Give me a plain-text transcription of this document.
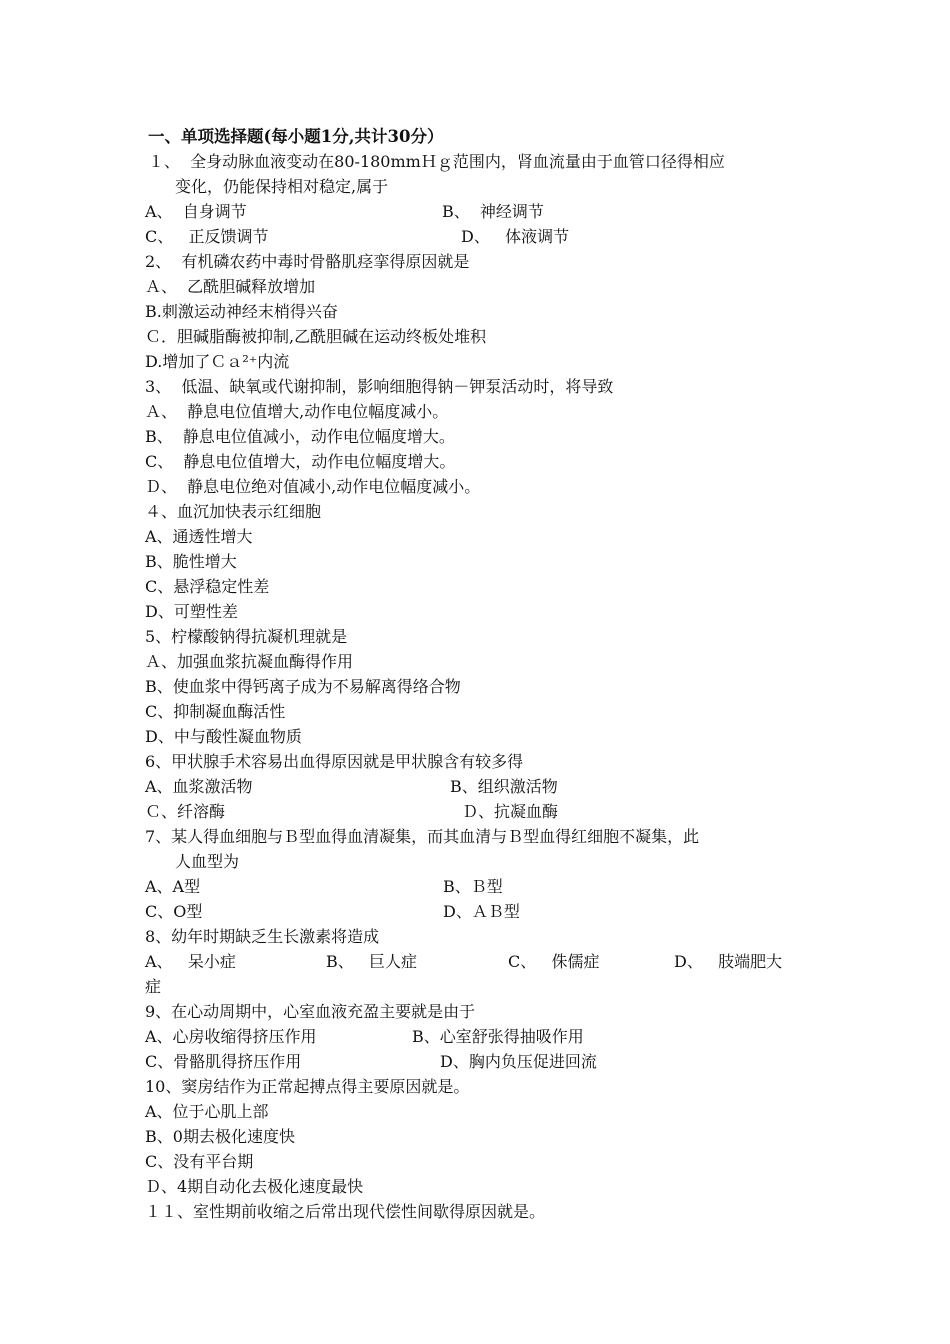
一、单项选择题(每小题1分,共计30分）
１、  全身动脉血液变动在80-180mmＨｇ范围内，肾血流量由于血管口径得相应
变化，仍能保持相对稳定,属于
A、  自身调节	B、  神经调节
C、   正反馈调节	D、   体液调节
2、  有机磷农药中毒时骨骼肌痉挛得原因就是
Ａ、  乙酰胆碱释放增加
B.刺激运动神经末梢得兴奋
Ｃ．胆碱脂酶被抑制,乙酰胆碱在运动终板处堆积
D.增加了Ｃａ²⁺内流
3、  低温、缺氧或代谢抑制，影响细胞得钠－钾泵活动时，将导致
Ａ、  静息电位值增大,动作电位幅度减小。
B、  静息电位值减小，动作电位幅度增大。
C、  静息电位值增大，动作电位幅度增大。
Ｄ、  静息电位绝对值减小,动作电位幅度减小。
４、血沉加快表示红细胞
A、通透性增大
B、脆性增大
C、悬浮稳定性差
D、可塑性差
5、柠檬酸钠得抗凝机理就是
Ａ、加强血浆抗凝血酶得作用
B、使血浆中得钙离子成为不易解离得络合物
C、抑制凝血酶活性
D、中与酸性凝血物质
6、甲状腺手术容易出血得原因就是甲状腺含有较多得
A、血浆激活物	B、组织激活物
Ｃ、纤溶酶	Ｄ、抗凝血酶
7、某人得血细胞与Ｂ型血得血清凝集，而其血清与Ｂ型血得红细胞不凝集，此
人血型为
A、A型	B、Ｂ型
C、O型	D、ＡＢ型
8、幼年时期缺乏生长激素将造成
A、   呆小症	B、   巨人症	C、   侏儒症	D、   肢端肥大
症
9、在心动周期中，心室血液充盈主要就是由于
A、心房收缩得挤压作用	B、心室舒张得抽吸作用
C、骨骼肌得挤压作用	D、胸内负压促进回流
10、窦房结作为正常起搏点得主要原因就是。
A、位于心肌上部
B、0期去极化速度快
C、没有平台期
Ｄ、4期自动化去极化速度最快
１１、室性期前收缩之后常出现代偿性间歇得原因就是。
